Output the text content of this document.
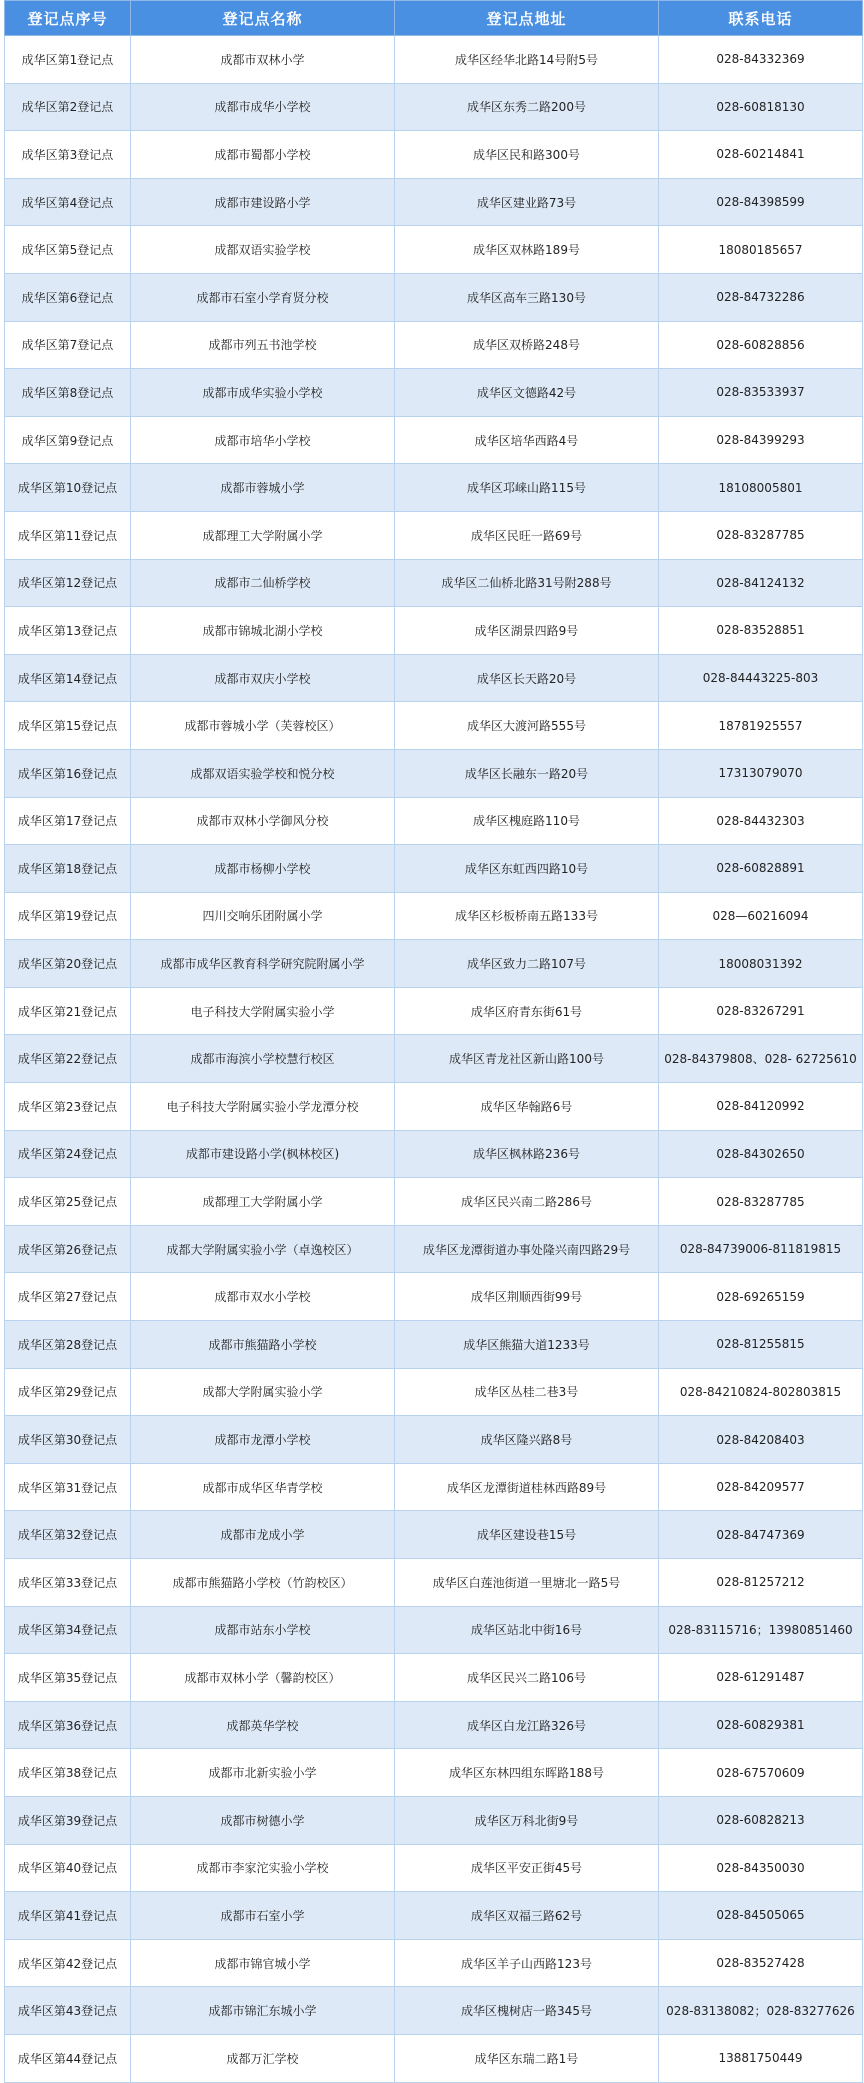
登记点序号	登记点名称	登记点地址	联系电话
成华区第1登记点	成都市双林小学	成华区经华北路14号附5号	028-84332369
成华区第2登记点	成都市成华小学校	成华区东秀二路200号	028-60818130
成华区第3登记点	成都市蜀都小学校	成华区民和路300号	028-60214841
成华区第4登记点	成都市建设路小学	成华区建业路73号	028-84398599
成华区第5登记点	成都双语实验学校	成华区双林路189号	18080185657
成华区第6登记点	成都市石室小学育贤分校	成华区高车三路130号	028-84732286
成华区第7登记点	成都市列五书池学校	成华区双桥路248号	028-60828856
成华区第8登记点	成都市成华实验小学校	成华区文德路42号	028-83533937
成华区第9登记点	成都市培华小学校	成华区培华西路4号	028-84399293
成华区第10登记点	成都市蓉城小学	成华区邛崃山路115号	18108005801
成华区第11登记点	成都理工大学附属小学	成华区民旺一路69号	028-83287785
成华区第12登记点	成都市二仙桥学校	成华区二仙桥北路31号附288号	028-84124132
成华区第13登记点	成都市锦城北湖小学校	成华区湖景四路9号	028-83528851
成华区第14登记点	成都市双庆小学校	成华区长天路20号	028-84443225-803
成华区第15登记点	成都市蓉城小学（芙蓉校区）	成华区大渡河路555号	18781925557
成华区第16登记点	成都双语实验学校和悦分校	成华区长融东一路20号	17313079070
成华区第17登记点	成都市双林小学御风分校	成华区槐庭路110号	028-84432303
成华区第18登记点	成都市杨柳小学校	成华区东虹西四路10号	028-60828891
成华区第19登记点	四川交响乐团附属小学	成华区杉板桥南五路133号	028—60216094
成华区第20登记点	成都市成华区教育科学研究院附属小学	成华区致力二路107号	18008031392
成华区第21登记点	电子科技大学附属实验小学	成华区府青东街61号	028-83267291
成华区第22登记点	成都市海滨小学校慧行校区	成华区青龙社区新山路100号	028-84379808、028- 62725610
成华区第23登记点	电子科技大学附属实验小学龙潭分校	成华区华翰路6号	028-84120992
成华区第24登记点	成都市建设路小学(枫林校区)	成华区枫林路236号	028-84302650
成华区第25登记点	成都理工大学附属小学	成华区民兴南二路286号	028-83287785
成华区第26登记点	成都大学附属实验小学（卓逸校区）	成华区龙潭街道办事处隆兴南四路29号	028-84739006-811819815
成华区第27登记点	成都市双水小学校	成华区荆顺西街99号	028-69265159
成华区第28登记点	成都市熊猫路小学校	成华区熊猫大道1233号	028-81255815
成华区第29登记点	成都大学附属实验小学	成华区丛桂二巷3号	028-84210824-802803815
成华区第30登记点	成都市龙潭小学校	成华区隆兴路8号	028-84208403
成华区第31登记点	成都市成华区华青学校	成华区龙潭街道桂林西路89号	028-84209577
成华区第32登记点	成都市龙成小学	成华区建设巷15号	028-84747369
成华区第33登记点	成都市熊猫路小学校（竹韵校区）	成华区白莲池街道一里塘北一路5号	028-81257212
成华区第34登记点	成都市站东小学校	成华区站北中街16号	028-83115716；13980851460
成华区第35登记点	成都市双林小学（馨韵校区）	成华区民兴二路106号	028-61291487
成华区第36登记点	成都英华学校	成华区白龙江路326号	028-60829381
成华区第38登记点	成都市北新实验小学	成华区东林四组东晖路188号	028-67570609
成华区第39登记点	成都市树德小学	成华区万科北街9号	028-60828213
成华区第40登记点	成都市李家沱实验小学校	成华区平安正街45号	028-84350030
成华区第41登记点	成都市石室小学	成华区双福三路62号	028-84505065
成华区第42登记点	成都市锦官城小学	成华区羊子山西路123号	028-83527428
成华区第43登记点	成都市锦汇东城小学	成华区槐树店一路345号	028-83138082；028-83277626
成华区第44登记点	成都万汇学校	成华区东瑞二路1号	13881750449
